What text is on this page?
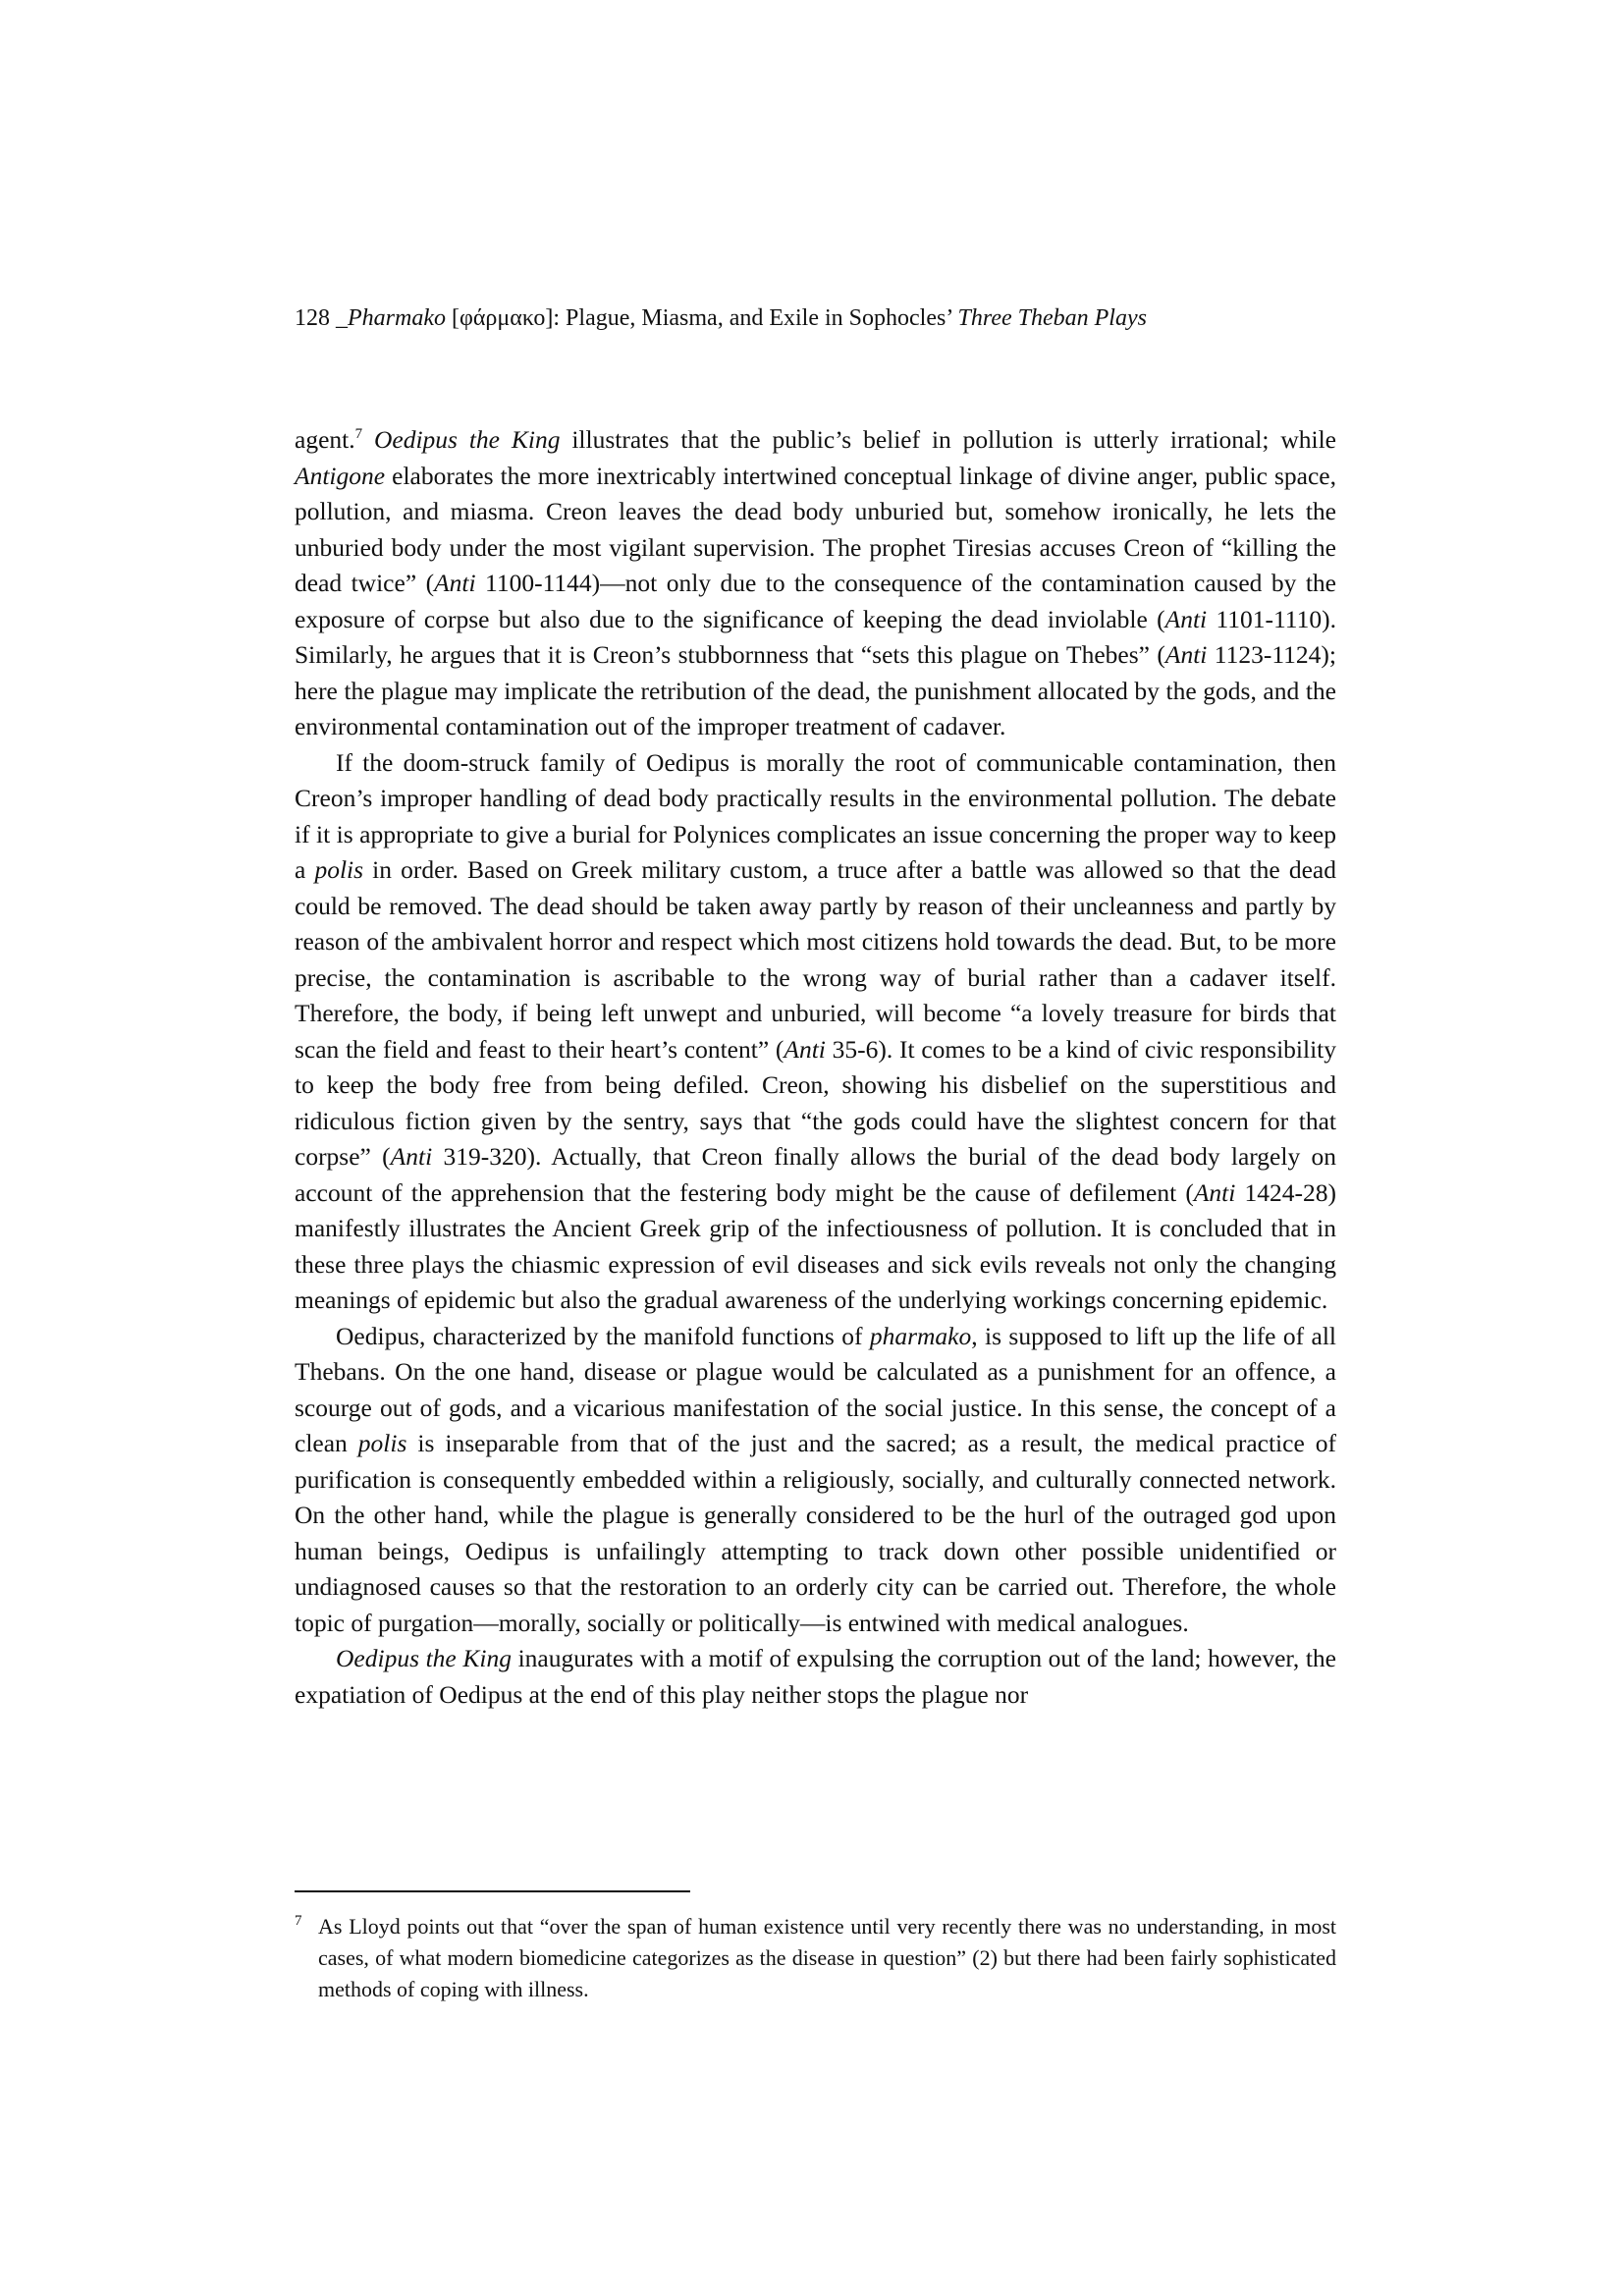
128 _Pharmako [φάρμακο]: Plague, Miasma, and Exile in Sophocles’ Three Theban Plays

agent.$^7$ Oedipus the King illustrates that the public’s belief in pollution is utterly irrational; while Antigone elaborates the more inextricably intertwined conceptual linkage of divine anger, public space, pollution, and miasma. Creon leaves the dead body unburied but, somehow ironically, he lets the unburied body under the most vigilant supervision. The prophet Tiresias accuses Creon of “killing the dead twice” (Anti 1100-1144)—not only due to the consequence of the contamination caused by the exposure of corpse but also due to the significance of keeping the dead inviolable (Anti 1101-1110). Similarly, he argues that it is Creon’s stubbornness that “sets this plague on Thebes” (Anti 1123-1124); here the plague may implicate the retribution of the dead, the punishment allocated by the gods, and the environmental contamination out of the improper treatment of cadaver.

If the doom-struck family of Oedipus is morally the root of communicable contamination, then Creon’s improper handling of dead body practically results in the environmental pollution. The debate if it is appropriate to give a burial for Polynices complicates an issue concerning the proper way to keep a polis in order. Based on Greek military custom, a truce after a battle was allowed so that the dead could be removed. The dead should be taken away partly by reason of their uncleanness and partly by reason of the ambivalent horror and respect which most citizens hold towards the dead. But, to be more precise, the contamination is ascribable to the wrong way of burial rather than a cadaver itself. Therefore, the body, if being left unwept and unburied, will become “a lovely treasure for birds that scan the field and feast to their heart’s content” (Anti 35-6). It comes to be a kind of civic responsibility to keep the body free from being defiled. Creon, showing his disbelief on the superstitious and ridiculous fiction given by the sentry, says that “the gods could have the slightest concern for that corpse” (Anti 319-320). Actually, that Creon finally allows the burial of the dead body largely on account of the apprehension that the festering body might be the cause of defilement (Anti 1424-28) manifestly illustrates the Ancient Greek grip of the infectiousness of pollution. It is concluded that in these three plays the chiasmic expression of evil diseases and sick evils reveals not only the changing meanings of epidemic but also the gradual awareness of the underlying workings concerning epidemic.

Oedipus, characterized by the manifold functions of pharmako, is supposed to lift up the life of all Thebans. On the one hand, disease or plague would be calculated as a punishment for an offence, a scourge out of gods, and a vicarious manifestation of the social justice. In this sense, the concept of a clean polis is inseparable from that of the just and the sacred; as a result, the medical practice of purification is consequently embedded within a religiously, socially, and culturally connected network. On the other hand, while the plague is generally considered to be the hurl of the outraged god upon human beings, Oedipus is unfailingly attempting to track down other possible unidentified or undiagnosed causes so that the restoration to an orderly city can be carried out. Therefore, the whole topic of purgation—morally, socially or politically—is entwined with medical analogues.

Oedipus the King inaugurates with a motif of expulsing the corruption out of the land; however, the expatiation of Oedipus at the end of this play neither stops the plague nor

7 As Lloyd points out that “over the span of human existence until very recently there was no understanding, in most cases, of what modern biomedicine categorizes as the disease in question” (2) but there had been fairly sophisticated methods of coping with illness.
